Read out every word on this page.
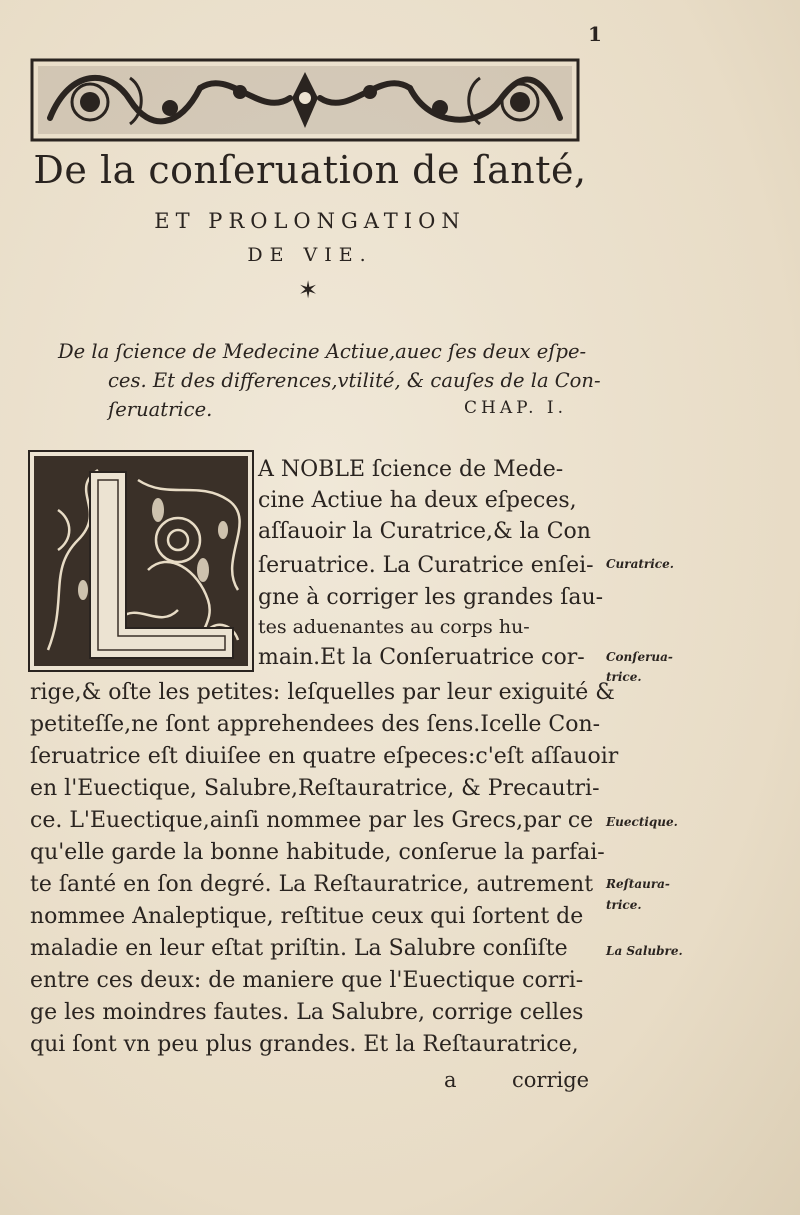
1
De la conſeruation de ſanté,
ET PROLONGATION
DE VIE.
✶
De la ſcience de Medecine Actiue,auec ſes deux eſpe-
ces. Et des differences,vtilité, & cauſes de la Con-
ſeruatrice.	CHAP. I.
A NOBLE ſcience de Mede-
cine Actiue ha deux eſpeces,
aſſauoir la Curatrice,& la Con
ſeruatrice. La Curatrice enſei-
gne à corriger les grandes ſau-
tes aduenantes au corps hu-
main.Et la Conſeruatrice cor-
rige,& oſte les petites: leſquelles par leur exiguité &
petiteſſe,ne ſont apprehendees des ſens.Icelle Con-
ſeruatrice eſt diuiſee en quatre eſpeces:c'eſt aſſauoir
en l'Euectique, Salubre,Reſtauratrice, & Precautri-
ce. L'Euectique,ainſi nommee par les Grecs,par ce
qu'elle garde la bonne habitude, conſerue la parfai-
te ſanté en ſon degré. La Reſtauratrice, autrement
nommee Analeptique, reſtitue ceux qui ſortent de
maladie en leur eſtat priſtin. La Salubre conſiſte
entre ces deux: de maniere que l'Euectique corri-
ge les moindres fautes. La Salubre, corrige celles
qui ſont vn peu plus grandes. Et la Reſtauratrice,
a	corrige
Curatrice.
Conſerua-
trice.
Euectique.
Reſtaura-
trice.
La Salubre.
